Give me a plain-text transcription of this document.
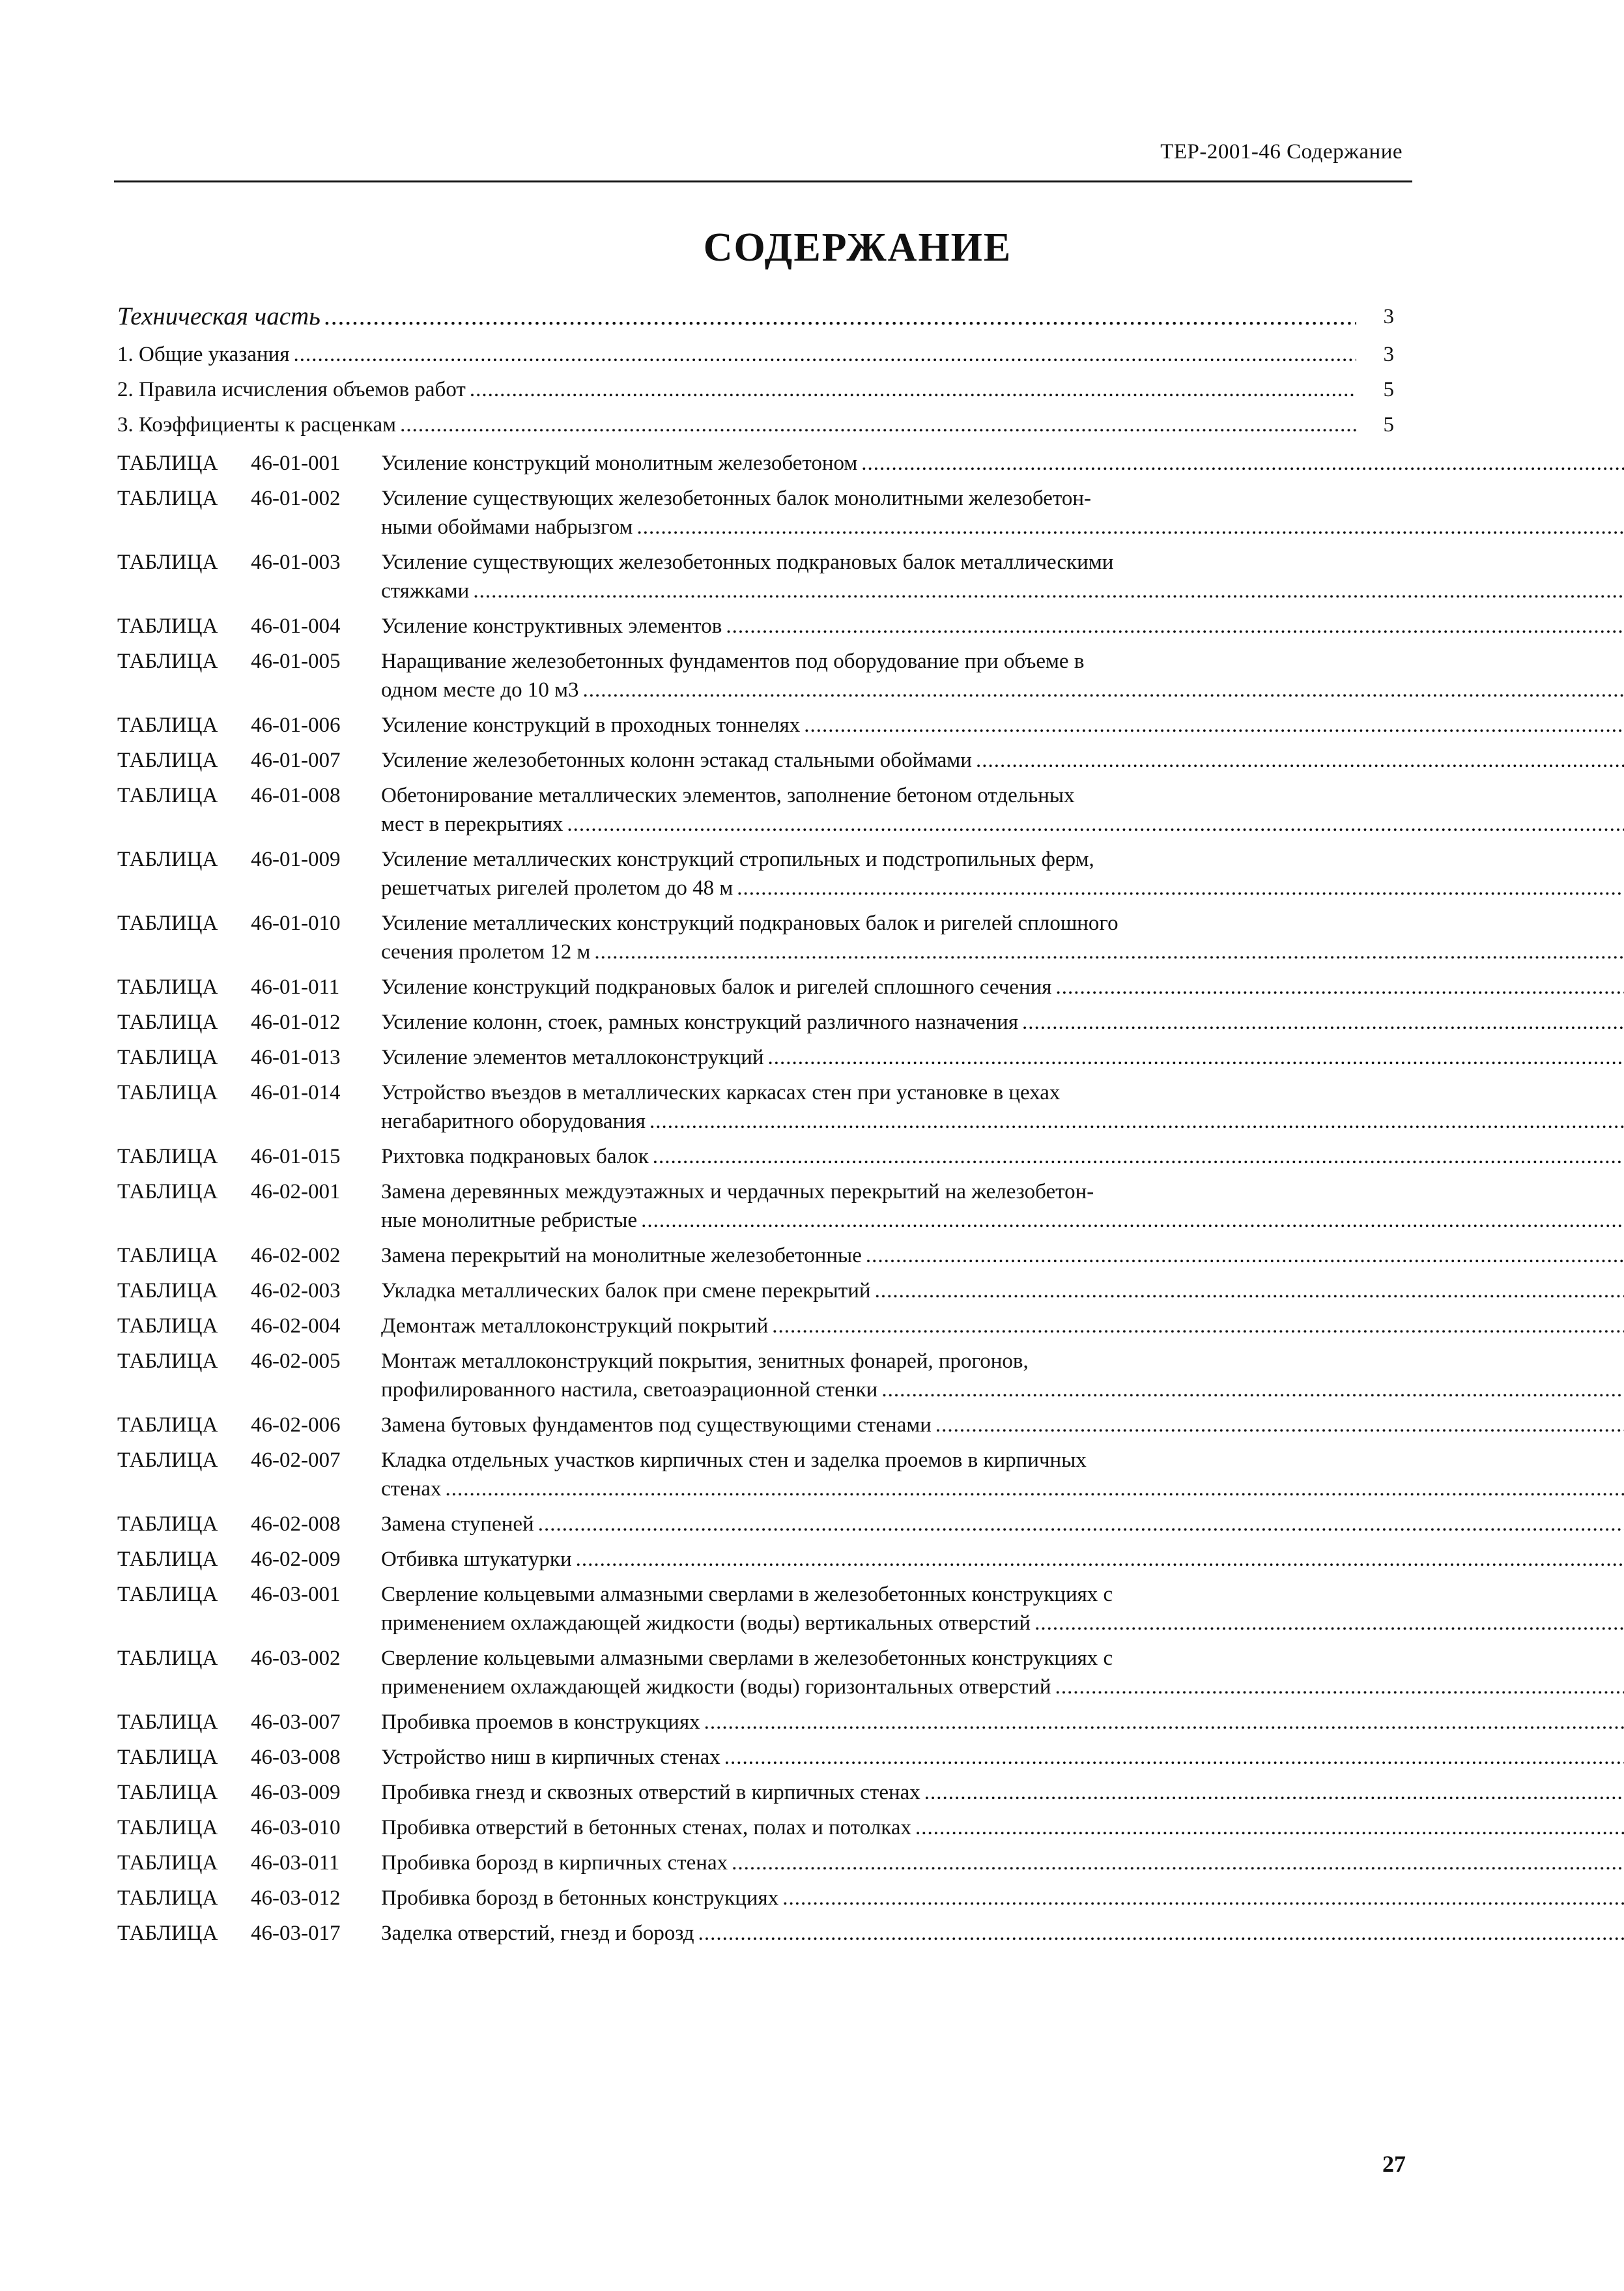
ТЕР-2001-46 Содержание
СОДЕРЖАНИЕ
Техническая часть .....	3
1. Общие указания .....	3
2. Правила исчисления объемов работ .....	5
3. Коэффициенты к расценкам .....	5
ТАБЛИЦА	46-01-001	Усиление конструкций монолитным железобетоном
.....
ТАБЛИЦА	46-01-002	Усиление существующих железобетонных балок монолитными железобетон-
ными обоймами набрызгом
.....
ТАБЛИЦА	46-01-003	Усиление существующих железобетонных подкрановых балок металлическими
стяжками
.....
ТАБЛИЦА	46-01-004	Усиление конструктивных элементов
.....
ТАБЛИЦА	46-01-005	Наращивание железобетонных фундаментов под оборудование при объеме в
одном месте до 10 м3
.....
ТАБЛИЦА	46-01-006	Усиление конструкций в проходных тоннелях
.....
ТАБЛИЦА	46-01-007	Усиление железобетонных колонн эстакад стальными обоймами
.....
ТАБЛИЦА	46-01-008	Обетонирование металлических элементов, заполнение бетоном отдельных
мест в перекрытиях
.....
ТАБЛИЦА	46-01-009	Усиление металлических конструкций стропильных и подстропильных ферм,
решетчатых ригелей пролетом до 48 м
.....
ТАБЛИЦА	46-01-010	Усиление металлических конструкций подкрановых балок и ригелей сплошного
сечения пролетом 12 м
.....
ТАБЛИЦА	46-01-011	Усиление конструкций подкрановых балок и ригелей сплошного сечения
.....
ТАБЛИЦА	46-01-012	Усиление колонн, стоек, рамных конструкций различного назначения
.....
ТАБЛИЦА	46-01-013	Усиление элементов металлоконструкций
.....
ТАБЛИЦА	46-01-014	Устройство въездов в металлических каркасах стен при установке в цехах
негабаритного оборудования
.....
ТАБЛИЦА	46-01-015	Рихтовка подкрановых балок
.....
ТАБЛИЦА	46-02-001	Замена деревянных междуэтажных и чердачных перекрытий на железобетон-
ные монолитные ребристые
.....
ТАБЛИЦА	46-02-002	Замена перекрытий на монолитные железобетонные
.....
ТАБЛИЦА	46-02-003	Укладка металлических балок при смене перекрытий
.....
ТАБЛИЦА	46-02-004	Демонтаж металлоконструкций покрытий
.....
ТАБЛИЦА	46-02-005	Монтаж металлоконструкций покрытия, зенитных фонарей, прогонов,
профилированного настила, светоаэрационной стенки
.....
ТАБЛИЦА	46-02-006	Замена бутовых фундаментов под существующими стенами
.....
ТАБЛИЦА	46-02-007	Кладка отдельных участков кирпичных стен и заделка проемов в кирпичных
стенах
.....
ТАБЛИЦА	46-02-008	Замена ступеней
.....
ТАБЛИЦА	46-02-009	Отбивка штукатурки
.....
ТАБЛИЦА	46-03-001	Сверление кольцевыми алмазными сверлами в железобетонных конструкциях с
применением охлаждающей жидкости (воды) вертикальных отверстий
.....
ТАБЛИЦА	46-03-002	Сверление кольцевыми алмазными сверлами в железобетонных конструкциях с
применением охлаждающей жидкости (воды) горизонтальных отверстий
.....
ТАБЛИЦА	46-03-007	Пробивка проемов в конструкциях
.....
ТАБЛИЦА	46-03-008	Устройство ниш в кирпичных стенах
.....
ТАБЛИЦА	46-03-009	Пробивка гнезд и сквозных отверстий в кирпичных стенах
.....
ТАБЛИЦА	46-03-010	Пробивка отверстий в бетонных стенах, полах и потолках
.....
ТАБЛИЦА	46-03-011	Пробивка борозд в кирпичных стенах
.....
ТАБЛИЦА	46-03-012	Пробивка борозд в бетонных конструкциях
.....
ТАБЛИЦА	46-03-017	Заделка отверстий, гнезд и борозд
.....
27
